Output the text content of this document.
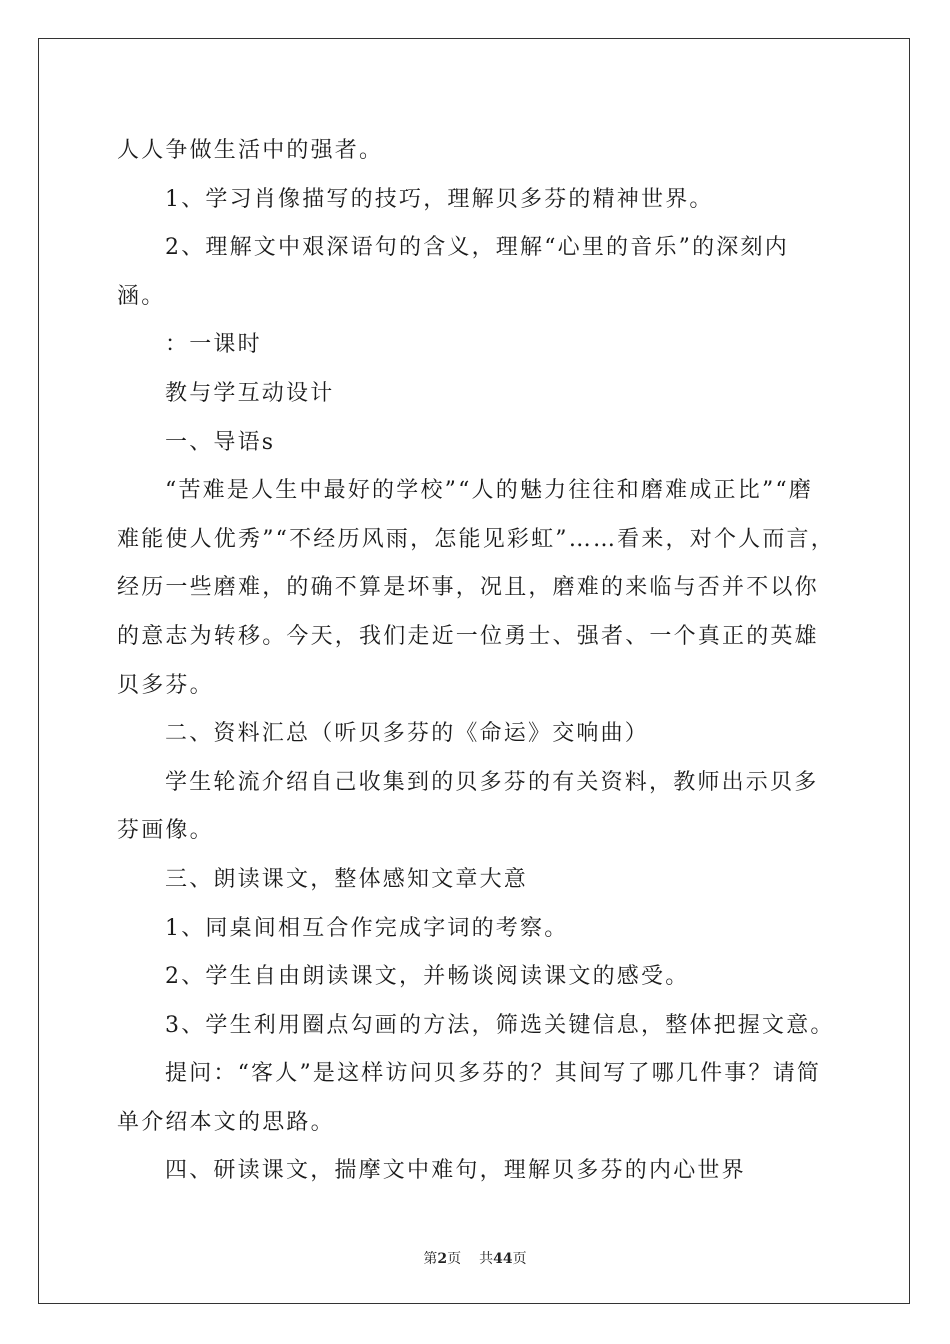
人人争做生活中的强者。

1、学习肖像描写的技巧，理解贝多芬的精神世界。

2、理解文中艰深语句的含义，理解“心里的音乐”的深刻内涵。

：一课时

教与学互动设计

一、导语s

“苦难是人生中最好的学校”“人的魅力往往和磨难成正比”“磨难能使人优秀”“不经历风雨，怎能见彩虹”……看来，对个人而言，经历一些磨难，的确不算是坏事，况且，磨难的来临与否并不以你的意志为转移。今天，我们走近一位勇士、强者、一个真正的英雄贝多芬。

二、资料汇总（听贝多芬的《命运》交响曲）

学生轮流介绍自己收集到的贝多芬的有关资料，教师出示贝多芬画像。

三、朗读课文，整体感知文章大意

1、同桌间相互合作完成字词的考察。

2、学生自由朗读课文，并畅谈阅读课文的感受。

3、学生利用圈点勾画的方法，筛选关键信息，整体把握文意。

提问：“客人”是这样访问贝多芬的？其间写了哪几件事？请简单介绍本文的思路。

四、研读课文，揣摩文中难句，理解贝多芬的内心世界

第2页 共44页
